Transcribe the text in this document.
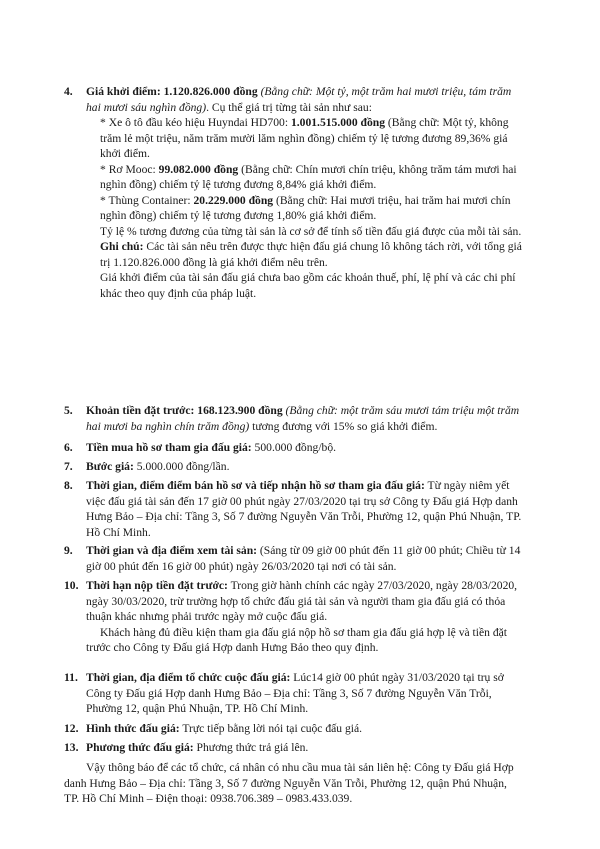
4. Giá khởi điểm: 1.120.826.000 đồng (Bằng chữ: Một tỷ, một trăm hai mươi triệu, tám trăm hai mươi sáu nghìn đồng). Cụ thể giá trị từng tài sản như sau:

* Xe ô tô đầu kéo hiệu Huyndai HD700: 1.001.515.000 đồng (Bằng chữ: Một tỷ, không trăm lẻ một triệu, năm trăm mười lăm nghìn đồng) chiếm tỷ lệ tương đương 89,36% giá khởi điểm.

* Rơ Mooc: 99.082.000 đồng (Bằng chữ: Chín mươi chín triệu, không trăm tám mươi hai nghìn đồng) chiếm tỷ lệ tương đương 8,84% giá khởi điểm.

* Thùng Container: 20.229.000 đồng (Bằng chữ: Hai mươi triệu, hai trăm hai mươi chín nghìn đồng) chiếm tỷ lệ tương đương 1,80% giá khởi điểm.

Tỷ lệ % tương đương của từng tài sản là cơ sở để tính số tiền đấu giá được của mỗi tài sản.

Ghi chú: Các tài sản nêu trên được thực hiện đấu giá chung lô không tách rời, với tổng giá trị 1.120.826.000 đồng là giá khởi điểm nêu trên.

Giá khởi điểm của tài sản đấu giá chưa bao gồm các khoản thuế, phí, lệ phí và các chi phí khác theo quy định của pháp luật.

5. Khoản tiền đặt trước: 168.123.900 đồng (Bằng chữ: một trăm sáu mươi tám triệu một trăm hai mươi ba nghìn chín trăm đồng) tương đương với 15% so giá khởi điểm.

6. Tiền mua hồ sơ tham gia đấu giá: 500.000 đồng/bộ.

7. Bước giá: 5.000.000 đồng/lần.

8. Thời gian, điểm điểm bán hồ sơ và tiếp nhận hồ sơ tham gia đấu giá: Từ ngày niêm yết việc đấu giá tài sản đến 17 giờ 00 phút ngày 27/03/2020 tại trụ sở Công ty Đấu giá Hợp danh Hưng Bảo – Địa chỉ: Tầng 3, Số 7 đường Nguyễn Văn Trỗi, Phường 12, quận Phú Nhuận, TP. Hồ Chí Minh.

9. Thời gian và địa điểm xem tài sản: (Sáng từ 09 giờ 00 phút đến 11 giờ 00 phút; Chiều từ 14 giờ 00 phút đến 16 giờ 00 phút) ngày 26/03/2020 tại nơi có tài sản.

10. Thời hạn nộp tiền đặt trước: Trong giờ hành chính các ngày 27/03/2020, ngày 28/03/2020, ngày 30/03/2020, trừ trường hợp tổ chức đấu giá tài sản và người tham gia đấu giá có thỏa thuận khác nhưng phải trước ngày mở cuộc đấu giá.

Khách hàng đủ điều kiện tham gia đấu giá nộp hồ sơ tham gia đấu giá hợp lệ và tiền đặt trước cho Công ty Đấu giá Hợp danh Hưng Bảo theo quy định.

11. Thời gian, địa điểm tổ chức cuộc đấu giá: Lúc14 giờ 00 phút ngày 31/03/2020 tại trụ sở Công ty Đấu giá Hợp danh Hưng Bảo – Địa chỉ: Tầng 3, Số 7 đường Nguyễn Văn Trỗi, Phường 12, quận Phú Nhuận, TP. Hồ Chí Minh.

12. Hình thức đấu giá: Trực tiếp bằng lời nói tại cuộc đấu giá.

13. Phương thức đấu giá: Phương thức trả giá lên.

Vậy thông báo để các tổ chức, cá nhân có nhu cầu mua tài sản liên hệ: Công ty Đấu giá Hợp danh Hưng Bảo – Địa chỉ: Tầng 3, Số 7 đường Nguyễn Văn Trỗi, Phường 12, quận Phú Nhuận, TP. Hồ Chí Minh – Điện thoại: 0938.706.389 – 0983.433.039.
